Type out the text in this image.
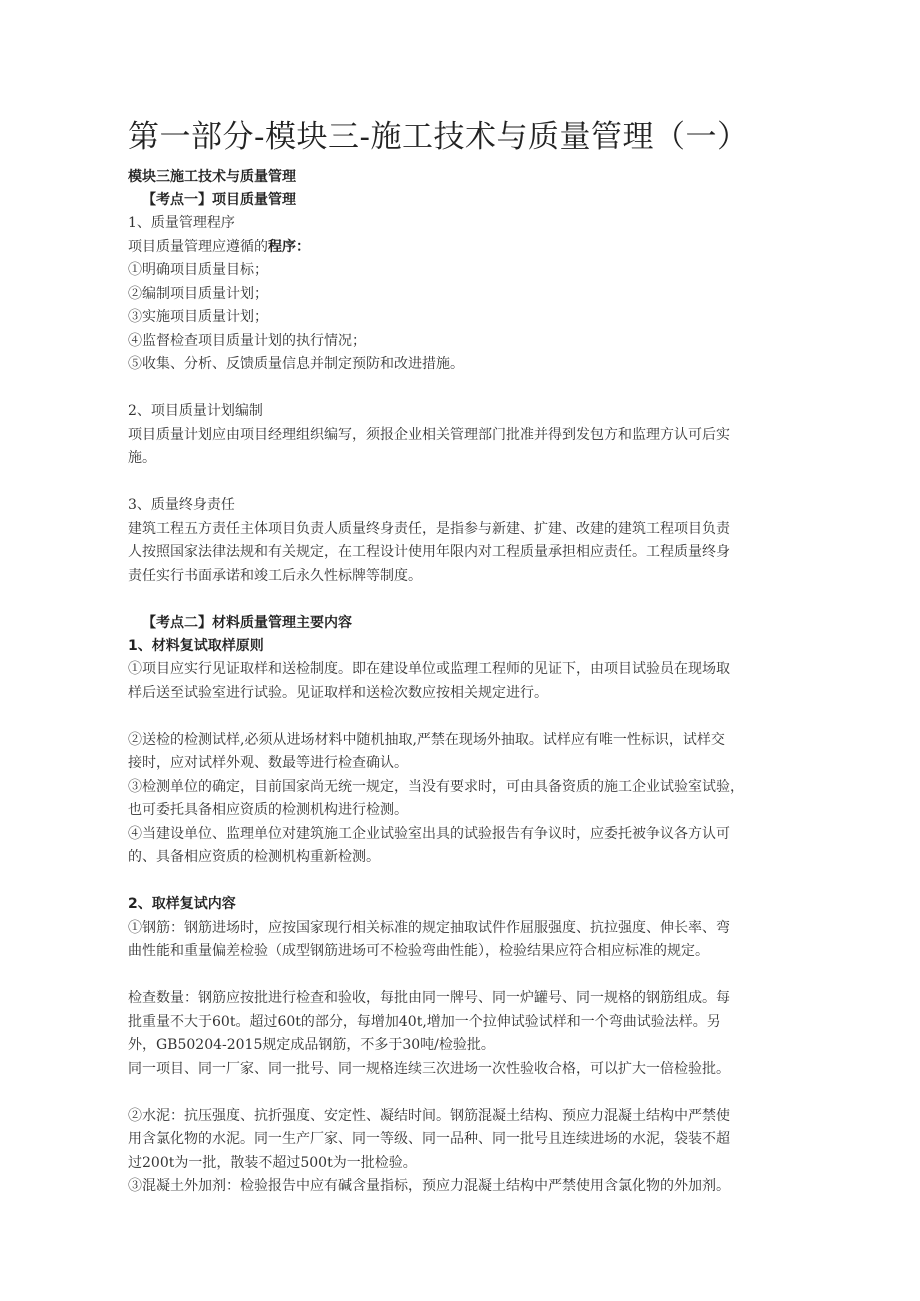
第一部分-模块三-施工技术与质量管理（一）

模块三施工技术与质量管理

【考点一】项目质量管理

1、质量管理程序

项目质量管理应遵循的程序：

①明确项目质量目标；

②编制项目质量计划；

③实施项目质量计划；

④监督检查项目质量计划的执行情况；

⑤收集、分析、反馈质量信息并制定预防和改进措施。

2、项目质量计划编制

项目质量计划应由项目经理组织编写，须报企业相关管理部门批准并得到发包方和监理方认可后实

施。

3、质量终身责任

建筑工程五方责任主体项目负责人质量终身责任，是指参与新建、扩建、改建的建筑工程项目负责

人按照国家法律法规和有关规定，在工程设计使用年限内对工程质量承担相应责任。工程质量终身

责任实行书面承诺和竣工后永久性标牌等制度。

【考点二】材料质量管理主要内容

1、材料复试取样原则

①项目应实行见证取样和送检制度。即在建设单位或监理工程师的见证下，由项目试验员在现场取

样后送至试验室进行试验。见证取样和送检次数应按相关规定进行。

②送检的检测试样,必须从进场材料中随机抽取,严禁在现场外抽取。试样应有唯一性标识，试样交

接时，应对试样外观、数最等进行检查确认。

③检测单位的确定，目前国家尚无统一规定，当没有要求时，可由具备资质的施工企业试验室试验，

也可委托具备相应资质的检测机构进行检测。

④当建设单位、监理单位对建筑施工企业试验室出具的试验报告有争议时，应委托被争议各方认可

的、具备相应资质的检测机构重新检测。

2、取样复试内容

①钢筋：钢筋进场时，应按国家现行相关标准的规定抽取试件作屈服强度、抗拉强度、伸长率、弯

曲性能和重量偏差检验（成型钢筋进场可不检验弯曲性能），检验结果应符合相应标准的规定。

检查数量：钢筋应按批进行检查和验收，每批由同一牌号、同一炉罐号、同一规格的钢筋组成。每

批重量不大于60t。超过60t的部分，每增加40t,增加一个拉伸试验试样和一个弯曲试验法样。另

外，GB50204-2015规定成品钢筋，不多于30吨/检验批。

同一项目、同一厂家、同一批号、同一规格连续三次进场一次性验收合格，可以扩大一倍检验批。

②水泥：抗压强度、抗折强度、安定性、凝结时间。钢筋混凝土结构、预应力混凝土结构中严禁使

用含氯化物的水泥。同一生产厂家、同一等级、同一品种、同一批号且连续进场的水泥，袋装不超

过200t为一批，散装不超过500t为一批检验。

③混凝土外加剂：检验报告中应有碱含量指标，预应力混凝土结构中严禁使用含氯化物的外加剂。
